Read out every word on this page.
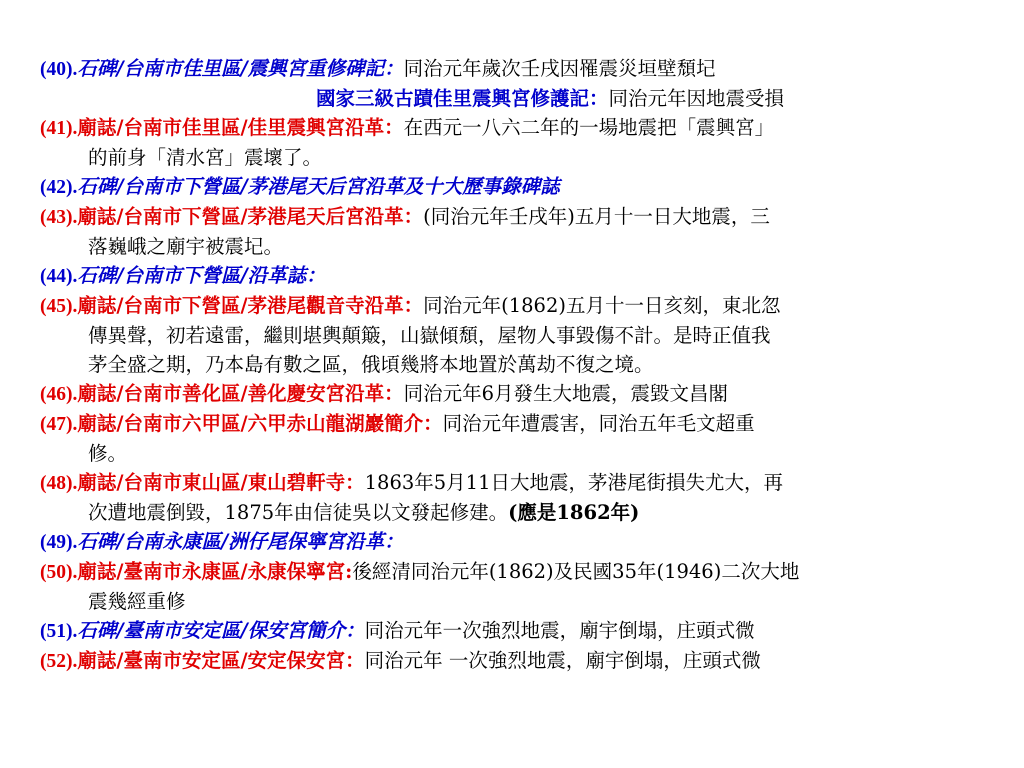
(40).石碑/台南市佳里區/震興宮重修碑記：同治元年歲次壬戌因罹震災垣壁頹圮

國家三級古蹟佳里震興宮修護記：同治元年因地震受損

(41).廟誌/台南市佳里區/佳里震興宮沿革：在西元一八六二年的一場地震把「震興宮」
的前身「清水宮」震壞了。

(42).石碑/台南市下營區/茅港尾天后宮沿革及十大歷事錄碑誌

(43).廟誌/台南市下營區/茅港尾天后宮沿革：(同治元年壬戌年)五月十一日大地震，三
落巍峨之廟宇被震圮。

(44).石碑/台南市下營區/沿革誌：

(45).廟誌/台南市下營區/茅港尾觀音寺沿革：同治元年(1862)五月十一日亥刻，東北忽
傳異聲，初若遠雷，繼則堪輿顛簸，山嶽傾頹，屋物人事毀傷不計。是時正值我
茅全盛之期，乃本島有數之區，俄頃幾將本地置於萬劫不復之境。

(46).廟誌/台南市善化區/善化慶安宮沿革：同治元年6月發生大地震，震毀文昌閣

(47).廟誌/台南市六甲區/六甲赤山龍湖巖簡介：同治元年遭震害，同治五年毛文超重
修。

(48).廟誌/台南市東山區/東山碧軒寺：1863年5月11日大地震，茅港尾街損失尤大，再
次遭地震倒毀，1875年由信徒吳以文發起修建。(應是1862年)

(49).石碑/台南永康區/洲仔尾保寧宮沿革：

(50).廟誌/臺南市永康區/永康保寧宮:後經清同治元年(1862)及民國35年(1946)二次大地
震幾經重修

(51).石碑/臺南市安定區/保安宮簡介：同治元年一次強烈地震，廟宇倒塌，庄頭式微

(52).廟誌/臺南市安定區/安定保安宮：同治元年 一次強烈地震，廟宇倒塌，庄頭式微
